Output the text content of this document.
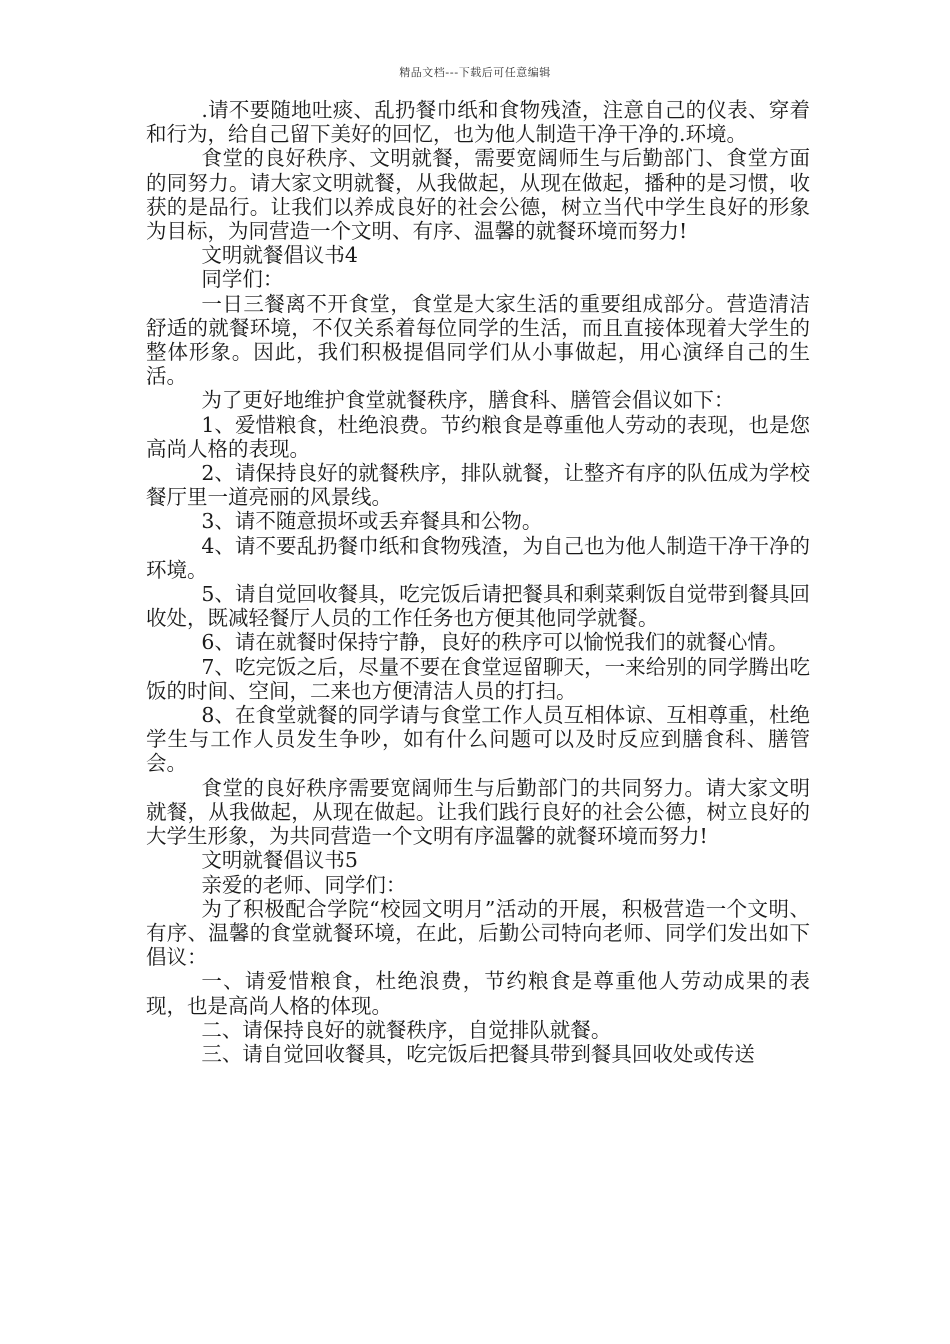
精品文档---下载后可任意编辑

.请不要随地吐痰、乱扔餐巾纸和食物残渣，注意自己的仪表、穿着和行为，给自己留下美好的回忆，也为他人制造干净干净的.环境。

食堂的良好秩序、文明就餐，需要宽阔师生与后勤部门、食堂方面的同努力。请大家文明就餐，从我做起，从现在做起，播种的是习惯，收获的是品行。让我们以养成良好的社会公德，树立当代中学生良好的形象为目标，为同营造一个文明、有序、温馨的就餐环境而努力!

文明就餐倡议书4

同学们：

一日三餐离不开食堂，食堂是大家生活的重要组成部分。营造清洁舒适的就餐环境，不仅关系着每位同学的生活，而且直接体现着大学生的整体形象。因此，我们积极提倡同学们从小事做起，用心演绎自己的生活。

为了更好地维护食堂就餐秩序，膳食科、膳管会倡议如下：

1、爱惜粮食，杜绝浪费。节约粮食是尊重他人劳动的表现，也是您高尚人格的表现。

2、请保持良好的就餐秩序，排队就餐，让整齐有序的队伍成为学校餐厅里一道亮丽的风景线。

3、请不随意损坏或丢弃餐具和公物。

4、请不要乱扔餐巾纸和食物残渣，为自己也为他人制造干净干净的环境。

5、请自觉回收餐具，吃完饭后请把餐具和剩菜剩饭自觉带到餐具回收处，既减轻餐厅人员的工作任务也方便其他同学就餐。

6、请在就餐时保持宁静，良好的秩序可以愉悦我们的就餐心情。

7、吃完饭之后，尽量不要在食堂逗留聊天，一来给别的同学腾出吃饭的时间、空间，二来也方便清洁人员的打扫。

8、在食堂就餐的同学请与食堂工作人员互相体谅、互相尊重，杜绝学生与工作人员发生争吵，如有什么问题可以及时反应到膳食科、膳管会。

食堂的良好秩序需要宽阔师生与后勤部门的共同努力。请大家文明就餐，从我做起，从现在做起。让我们践行良好的社会公德，树立良好的大学生形象，为共同营造一个文明有序温馨的就餐环境而努力!

文明就餐倡议书5

亲爱的老师、同学们：

为了积极配合学院“校园文明月”活动的开展，积极营造一个文明、有序、温馨的食堂就餐环境，在此，后勤公司特向老师、同学们发出如下倡议：

一、请爱惜粮食，杜绝浪费，节约粮食是尊重他人劳动成果的表现，也是高尚人格的体现。

二、请保持良好的就餐秩序，自觉排队就餐。

三、请自觉回收餐具，吃完饭后把餐具带到餐具回收处或传送
